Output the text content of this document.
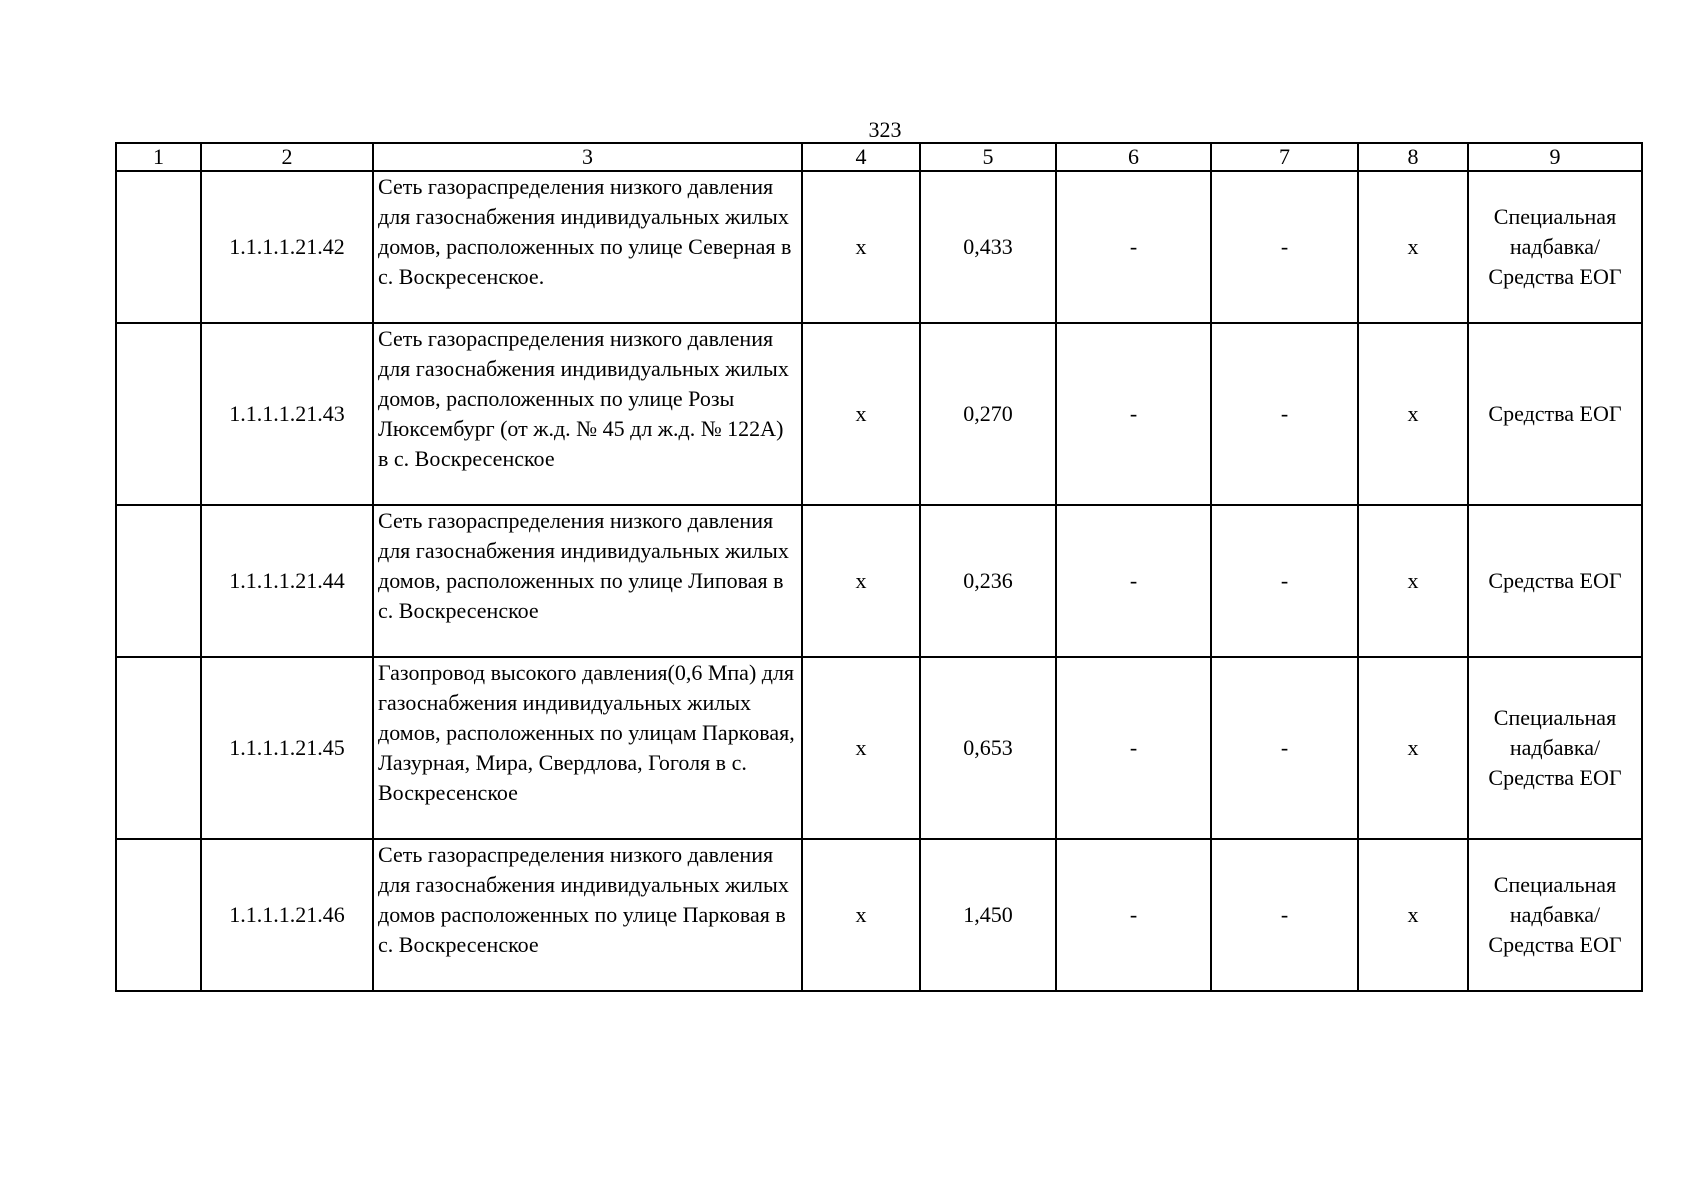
323
1	2	3	4	5	6	7	8	9
	1.1.1.1.21.42	Сеть газораспределения низкого давления для газоснабжения индивидуальных жилых домов, расположенных по улице Северная в с. Воскресенское.	х	0,433	-	-	х	Специальная надбавка/Средства ЕОГ
	1.1.1.1.21.43	Сеть газораспределения низкого давления для газоснабжения индивидуальных жилых домов, расположенных по улице Розы Люксембург (от ж.д. № 45 дл ж.д. № 122А) в с. Воскресенское	х	0,270	-	-	х	Средства ЕОГ
	1.1.1.1.21.44	Сеть газораспределения низкого давления для газоснабжения индивидуальных жилых домов, расположенных по улице Липовая в с. Воскресенское	х	0,236	-	-	х	Средства ЕОГ
	1.1.1.1.21.45	Газопровод высокого давления(0,6 Мпа) для газоснабжения индивидуальных жилых домов, расположенных по улицам Парковая, Лазурная, Мира, Свердлова, Гоголя в с. Воскресенское	х	0,653	-	-	х	Специальная надбавка/Средства ЕОГ
	1.1.1.1.21.46	Сеть газораспределения низкого давления для газоснабжения индивидуальных жилых домов расположенных по улице Парковая в с. Воскресенское	х	1,450	-	-	х	Специальная надбавка/Средства ЕОГ
